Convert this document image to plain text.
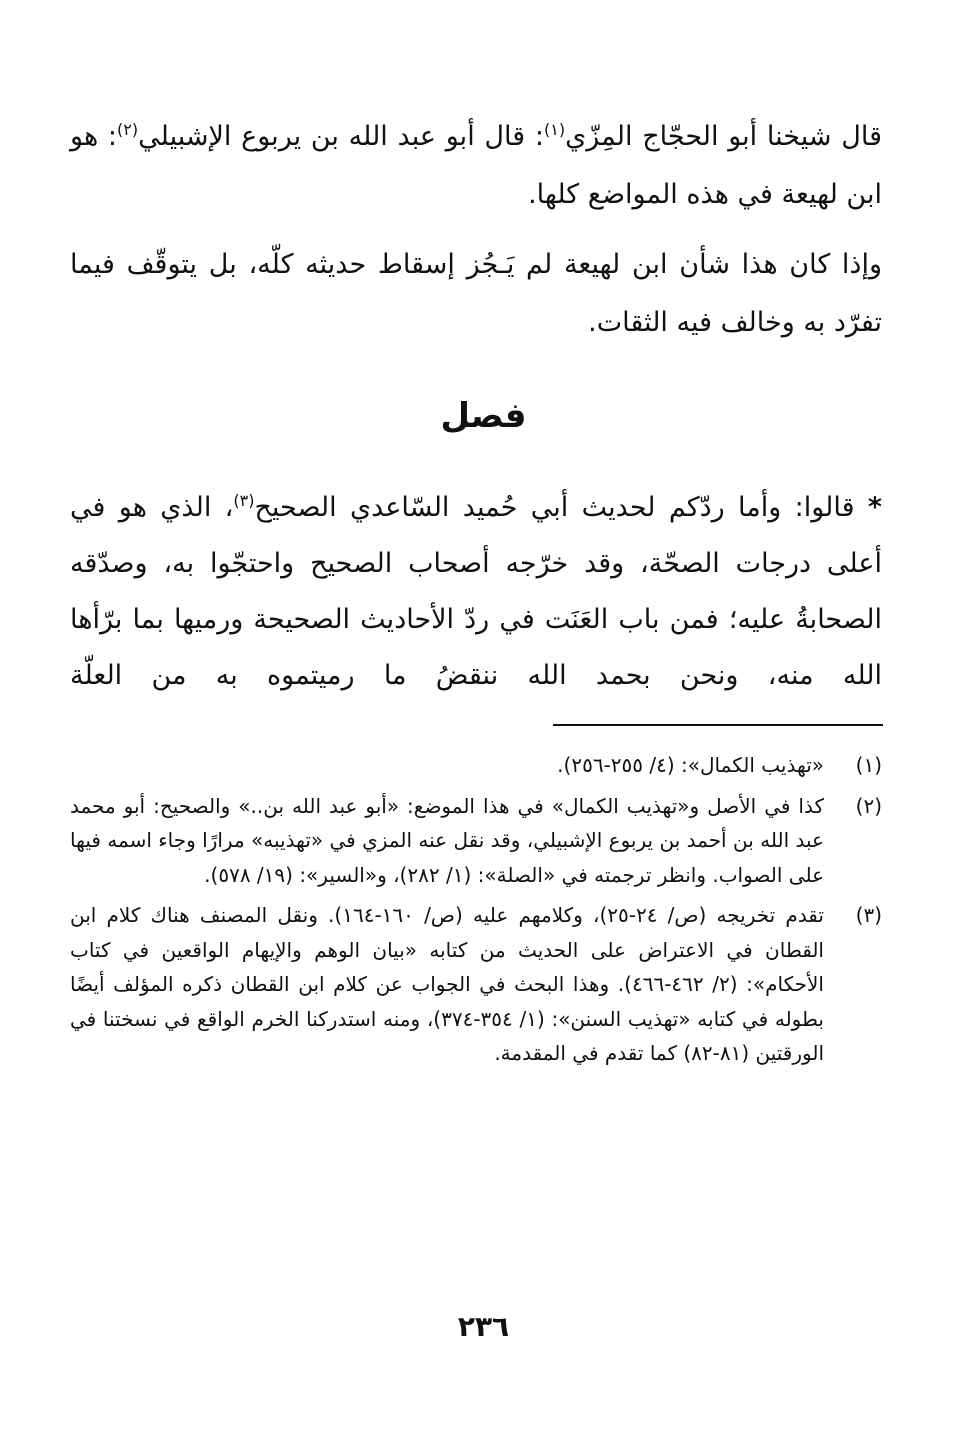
قال شيخنا أبو الحجّاج المِزّي$^{(١)}$: قال أبو عبد الله بن يربوع الإشبيلي$^{(٢)}$: هو ابن لهيعة في هذه المواضع كلها.

وإذا كان هذا شأن ابن لهيعة لم يَـجُز إسقاط حديثه كلّه، بل يتوقّف فيما تفرّد به وخالف فيه الثقات.

فصل
* قالوا: وأما ردّكم لحديث أبي حُميد السّاعدي الصحيح$^{(٣)}$، الذي هو في أعلى درجات الصحّة، وقد خرّجه أصحاب الصحيح واحتجّوا به، وصدّقه الصحابةُ عليه؛ فمن باب العَنَت في ردّ الأحاديث الصحيحة ورميها بما برّأها الله منه، ونحن بحمد الله ننقضُ ما رميتموه به من العلّة
(١)
«تهذيب الكمال»: (٤/ ٢٥٥-٢٥٦).
(٢)
كذا في الأصل و«تهذيب الكمال» في هذا الموضع: «أبو عبد الله بن..» والصحيح: أبو محمد عبد الله بن أحمد بن يربوع الإشبيلي، وقد نقل عنه المزي في «تهذيبه» مرارًا وجاء اسمه فيها على الصواب. وانظر ترجمته في «الصلة»: (١/ ٢٨٢)، و«السير»: (١٩/ ٥٧٨).
(٣)
تقدم تخريجه (ص/ ٢٤-٢٥)، وكلامهم عليه (ص/ ١٦٠-١٦٤). ونقل المصنف هناك كلام ابن القطان في الاعتراض على الحديث من كتابه «بيان الوهم والإيهام الواقعين في كتاب الأحكام»: (٢/ ٤٦٢-٤٦٦). وهذا البحث في الجواب عن كلام ابن القطان ذكره المؤلف أيضًا بطوله في كتابه «تهذيب السنن»: (١/ ٣٥٤-٣٧٤)، ومنه استدركنا الخرم الواقع في نسختنا في الورقتين (٨١-٨٢) كما تقدم في المقدمة.
٢٣٦
